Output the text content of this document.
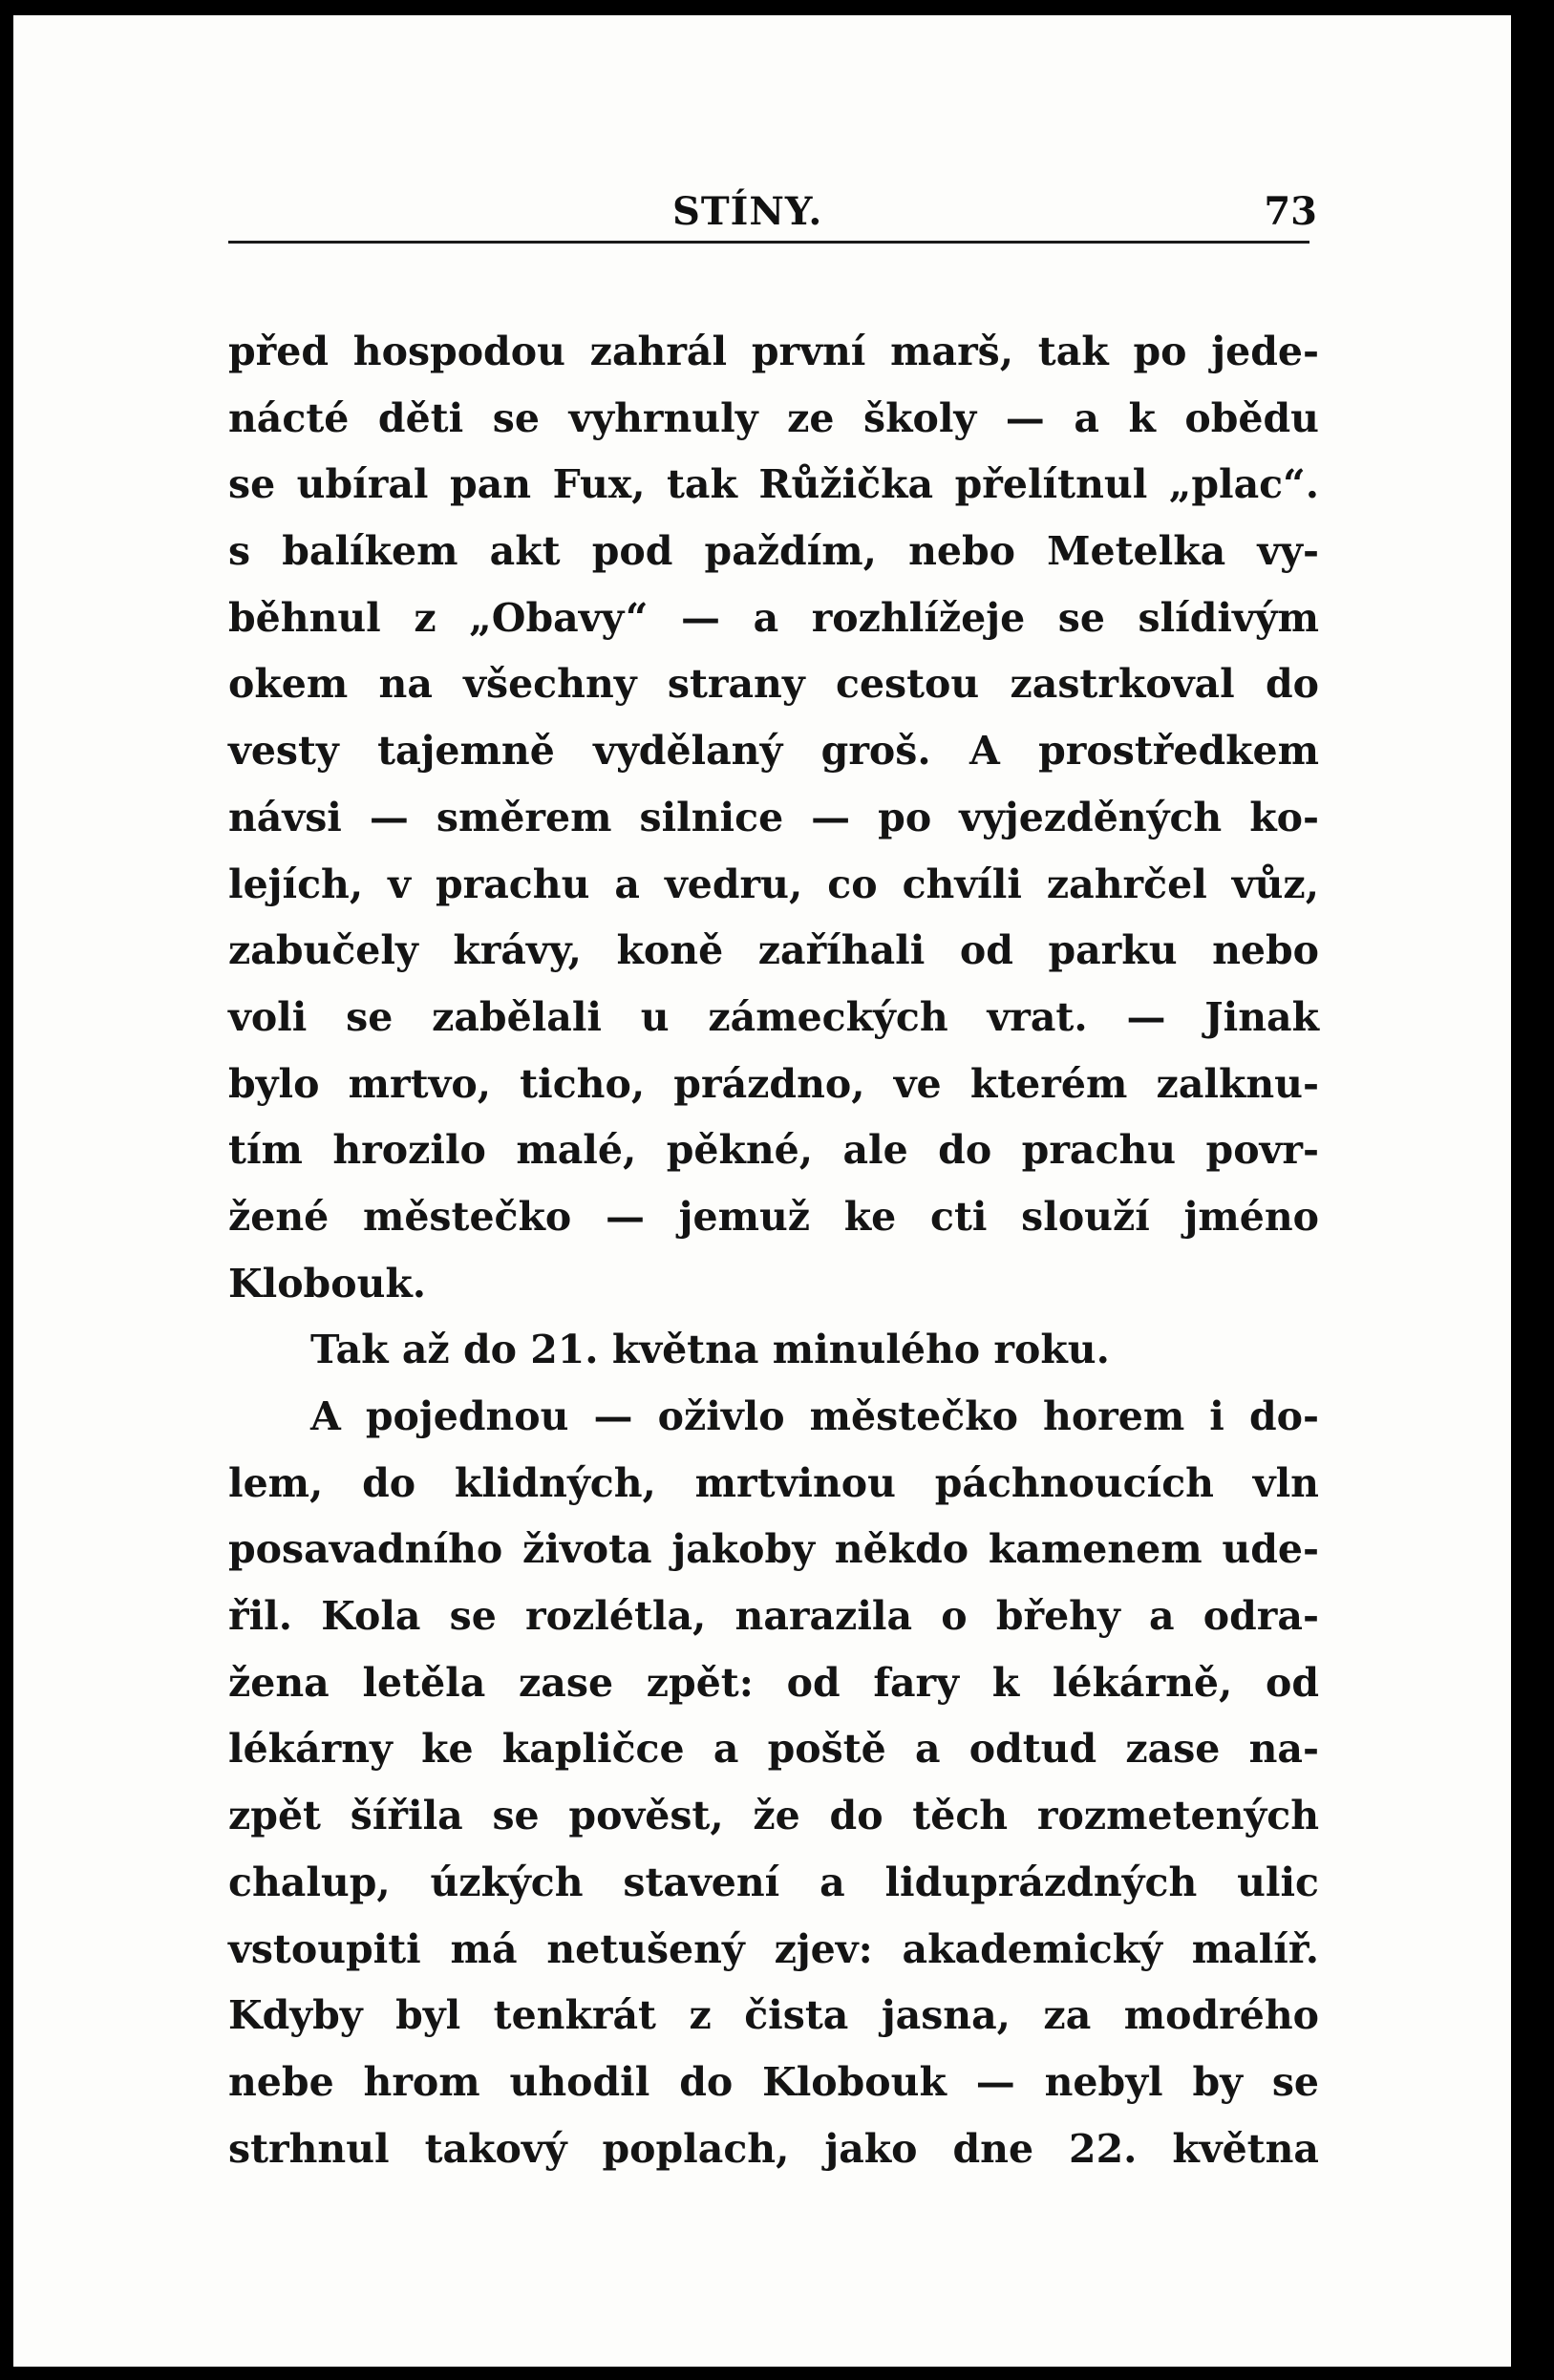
STÍNY.	73
před hospodou zahrál první marš, tak po jede-
nácté děti se vyhrnuly ze školy — a k obědu
se ubíral pan Fux, tak Růžička přelítnul „plac“.
s balíkem akt pod paždím, nebo Metelka vy-
běhnul z „Obavy“ — a rozhlížeje se slídivým
okem na všechny strany cestou zastrkoval do
vesty tajemně vydělaný groš. A prostředkem
návsi — směrem silnice — po vyjezděných ko-
lejích, v prachu a vedru, co chvíli zahrčel vůz,
zabučely krávy, koně zaříhali od parku nebo
voli se zabělali u zámeckých vrat. — Jinak
bylo mrtvo, ticho, prázdno, ve kterém zalknu-
tím hrozilo malé, pěkné, ale do prachu povr-
žené městečko — jemuž ke cti slouží jméno
Klobouk.
Tak až do 21. května minulého roku.
A pojednou — oživlo městečko horem i do-
lem, do klidných, mrtvinou páchnoucích vln
posavadního života jakoby někdo kamenem ude-
řil. Kola se rozlétla, narazila o břehy a odra-
žena letěla zase zpět: od fary k lékárně, od
lékárny ke kapličce a poště a odtud zase na-
zpět šířila se pověst, že do těch rozmetených
chalup, úzkých stavení a liduprázdných ulic
vstoupiti má netušený zjev: akademický malíř.
Kdyby byl tenkrát z čista jasna, za modrého
nebe hrom uhodil do Klobouk — nebyl by se
strhnul takový poplach, jako dne 22. května
